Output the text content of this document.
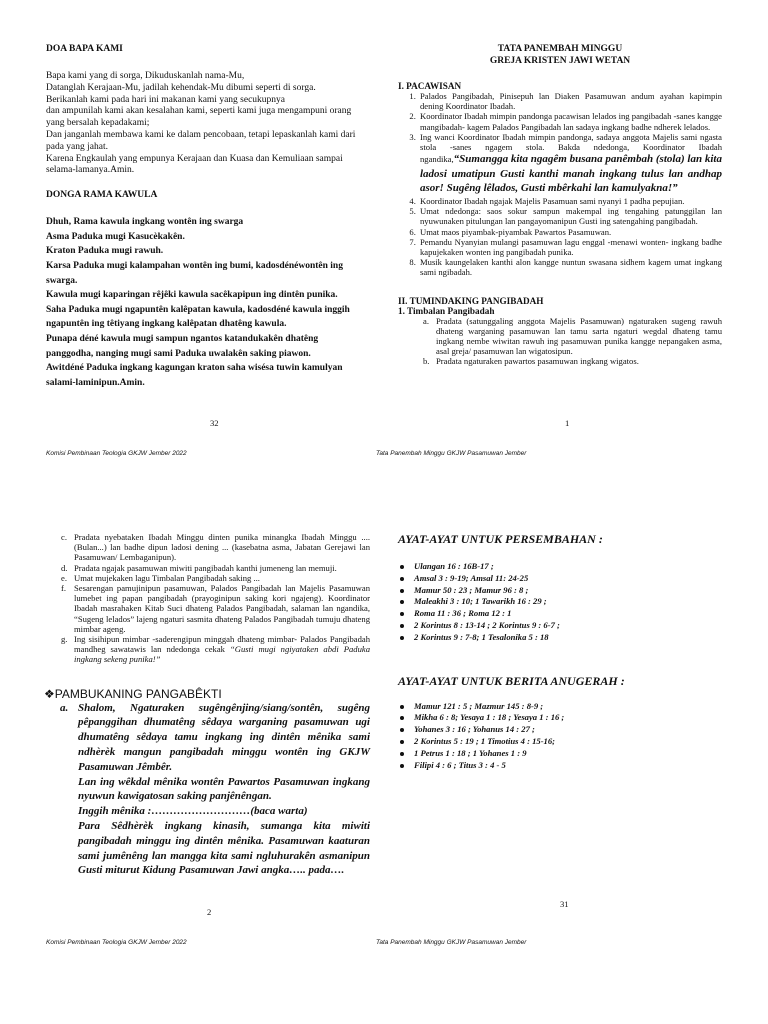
DOA BAPA KAMI

Bapa kami yang di sorga, Dikuduskanlah nama-Mu,

Datanglah Kerajaan-Mu, jadilah kehendak-Mu dibumi seperti di sorga.

Berikanlah kami pada hari ini makanan kami yang secukupnya

dan ampunilah kami akan kesalahan kami, seperti kami juga mengampuni orang yang bersalah kepadakami;

Dan janganlah membawa kami ke dalam pencobaan, tetapi lepaskanlah kami dari pada yang jahat.

Karena Engkaulah yang empunya Kerajaan dan Kuasa dan Kemuliaan sampai selama-lamanya.Amin.

DONGA RAMA KAWULA

Dhuh, Rama kawula ingkang wontên ing swarga

Asma Paduka mugi Kasucèkakên.

Kraton Paduka mugi rawuh.

Karsa Paduka mugi kalampahan wontên ing bumi, kadosdénéwontên ing swarga.

Kawula mugi kaparingan rêjêki kawula sacêkapipun ing dintên punika.

Saha Paduka mugi ngapuntên kalêpatan kawula, kadosdéné kawula inggih ngapuntên ing têtiyang ingkang kalêpatan dhatêng kawula.

Punapa déné kawula mugi sampun ngantos katandukakên dhatêng panggodha, nanging mugi sami Paduka uwalakên saking piawon.

Awitdéné Paduka ingkang kagungan kraton saha wisésa tuwin kamulyan salami-laminipun.Amin.

32
Komisi Pembinaan Teologia GKJW Jember 2022
TATA PANEMBAH MINGGU
GREJA KRISTEN JAWI WETAN

I. PACAWISAN

1. Palados Pangibadah, Pinisepuh lan Diaken Pasamuwan andum ayahan kapimpin dening Koordinator Ibadah.
2. Koordinator Ibadah mimpin pandonga pacawisan lelados ing pangibadah -sanes kangge mangibadah- kagem Palados Pangibadah lan sadaya ingkang badhe ndherek lelados.
3. Ing wanci Koordinator Ibadah mimpin pandonga, sadaya anggota Majelis sami ngasta stola -sanes ngagem stola. Bakda ndedonga, Koordinator Ibadah ngandika,“Sumangga kita ngagêm busana panêmbah (stola) lan kita ladosi umatipun Gusti kanthi manah ingkang tulus lan andhap asor! Sugêng lêlados, Gusti mbêrkahi lan kamulyakna!”
4. Koordinator Ibadah ngajak Majelis Pasamuan sami nyanyi 1 padha pepujian.
5. Umat ndedonga: saos sokur sampun makempal ing tengahing patunggilan lan nyuwunaken pitulungan lan pangayomanipun Gusti ing satengahing pangibadah.
6. Umat maos piyambak-piyambak Pawartos Pasamuwan.
7. Pemandu Nyanyian mulangi pasamuwan lagu enggal -menawi wonten- ingkang badhe kapujekaken wonten ing pangibadah punika.
8. Musik kaungelaken kanthi alon kangge nuntun swasana sidhem kagem umat ingkang sami ngibadah.

II. TUMINDAKING PANGIBADAH

1. Timbalan Pangibadah

a. Pradata (satunggaling anggota Majelis Pasamuwan) ngaturaken sugeng rawuh dhateng warganing pasamuwan lan tamu sarta ngaturi wegdal dhateng tamu ingkang nembe wiwitan rawuh ing pasamuwan punika kangge nepangaken asma, asal greja/ pasamuwan lan wigatosipun.
b. Pradata ngaturaken pawartos pasamuwan ingkang wigatos.
1
Tata Panembah Minggu GKJW Pasamuwan Jember
c. Pradata nyebataken Ibadah Minggu dinten punika minangka Ibadah Minggu .... (Bulan...) lan badhe dipun ladosi dening ... (kasebatna asma, Jabatan Gerejawi lan Pasamuwan/ Lembaganipun).
d. Pradata ngajak pasamuwan miwiti pangibadah kanthi jumeneng lan memuji.
e. Umat mujekaken lagu Timbalan Pangibadah saking ...
f. Sesarengan pamujinipun pasamuwan, Palados Pangibadah lan Majelis Pasamuwan lumebet ing papan pangibadah (prayoginipun saking kori ngajeng). Koordinator Ibadah masrahaken Kitab Suci dhateng Palados Pangibadah, salaman lan ngandika, “Sugeng lelados” lajeng ngaturi sasmita dhateng Palados Pangibadah tumuju dhateng mimbar ageng.
g. Ing sisihipun mimbar -saderengipun minggah dhateng mimbar- Palados Pangibadah mandheg sawatawis lan ndedonga cekak “Gusti mugi ngiyataken abdi Paduka ingkang sekeng punika!”

❖PAMBUKANING PANGABÊKTI

a. Shalom, Ngaturaken sugêngênjing/siang/sontên, sugêng pêpanggihan dhumatêng sêdaya warganing pasamuwan ugi dhumatêng sêdaya tamu ingkang ing dintên mênika sami ndhèrèk mangun pangibadah minggu wontên ing GKJW Pasamuwan Jêmbêr.

Lan ing wêkdal mênika wontên Pawartos Pasamuwan ingkang nyuwun kawigatosan saking panjênêngan.

Inggih mênika :………………………(baca warta)

Para Sêdhèrèk ingkang kinasih, sumanga kita miwiti pangibadah minggu ing dintên mênika. Pasamuwan kaaturan sami jumênêng lan mangga kita sami ngluhurakên asmanipun Gusti miturut Kidung Pasamuwan Jawi angka….. pada….

2
Komisi Pembinaan Teologia GKJW Jember 2022

AYAT-AYAT UNTUK PERSEMBAHAN :

Ulangan 16 : 16B-17 ;
Amsal 3 : 9-19; Amsal 11: 24-25
Mamur 50 : 23 ; Mamur 96 : 8 ;
Maleakhi 3 : 10; 1 Tawarikh 16 : 29 ;
Roma 11 : 36 ; Roma 12 : 1
2 Korintus 8 : 13-14 ; 2 Korintus 9 : 6-7 ;
2 Korintus 9 : 7-8; 1 Tesalonika 5 : 18

AYAT-AYAT UNTUK BERITA ANUGERAH :

Mamur 121 : 5 ; Mazmur 145 : 8-9 ;
Mikha 6 : 8; Yesaya 1 : 18 ; Yesaya 1 : 16 ;
Yohanes 3 : 16 ; Yohanus 14 : 27 ;
2 Korintus 5 : 19 ; 1 Timotius 4 : 15-16;
1 Petrus 1 : 18 ; 1 Yohanes 1 : 9
Filipi 4 : 6 ; Titus 3 : 4 - 5
31
Tata Panembah Minggu GKJW Pasamuwan Jember
